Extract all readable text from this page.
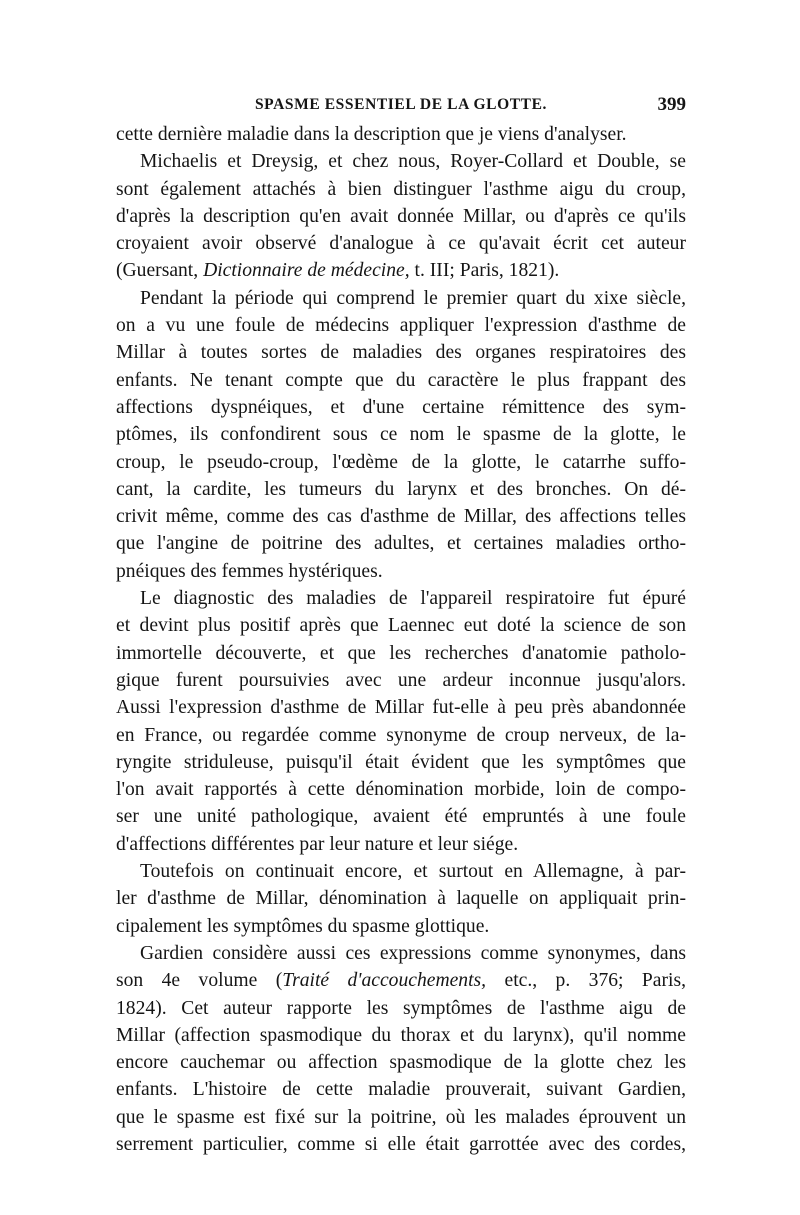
SPASME ESSENTIEL DE LA GLOTTE.	399
cette dernière maladie dans la description que je viens d'analyser.
Michaelis et Dreysig, et chez nous, Royer-Collard et Double, se
sont également attachés à bien distinguer l'asthme aigu du croup,
d'après la description qu'en avait donnée Millar, ou d'après ce qu'ils
croyaient avoir observé d'analogue à ce qu'avait écrit cet auteur
(Guersant, Dictionnaire de médecine, t. III; Paris, 1821).
Pendant la période qui comprend le premier quart du xixe siècle,
on a vu une foule de médecins appliquer l'expression d'asthme de
Millar à toutes sortes de maladies des organes respiratoires des
enfants. Ne tenant compte que du caractère le plus frappant des
affections dyspnéiques, et d'une certaine rémittence des sym-
ptômes, ils confondirent sous ce nom le spasme de la glotte, le
croup, le pseudo-croup, l'œdème de la glotte, le catarrhe suffo-
cant, la cardite, les tumeurs du larynx et des bronches. On dé-
crivit même, comme des cas d'asthme de Millar, des affections telles
que l'angine de poitrine des adultes, et certaines maladies ortho-
pnéiques des femmes hystériques.
Le diagnostic des maladies de l'appareil respiratoire fut épuré
et devint plus positif après que Laennec eut doté la science de son
immortelle découverte, et que les recherches d'anatomie patholo-
gique furent poursuivies avec une ardeur inconnue jusqu'alors.
Aussi l'expression d'asthme de Millar fut-elle à peu près abandonnée
en France, ou regardée comme synonyme de croup nerveux, de la-
ryngite striduleuse, puisqu'il était évident que les symptômes que
l'on avait rapportés à cette dénomination morbide, loin de compo-
ser une unité pathologique, avaient été empruntés à une foule
d'affections différentes par leur nature et leur siége.
Toutefois on continuait encore, et surtout en Allemagne, à par-
ler d'asthme de Millar, dénomination à laquelle on appliquait prin-
cipalement les symptômes du spasme glottique.
Gardien considère aussi ces expressions comme synonymes, dans
son 4e volume (Traité d'accouchements, etc., p. 376; Paris,
1824). Cet auteur rapporte les symptômes de l'asthme aigu de
Millar (affection spasmodique du thorax et du larynx), qu'il nomme
encore cauchemar ou affection spasmodique de la glotte chez les
enfants. L'histoire de cette maladie prouverait, suivant Gardien,
que le spasme est fixé sur la poitrine, où les malades éprouvent un
serrement particulier, comme si elle était garrottée avec des cordes,
